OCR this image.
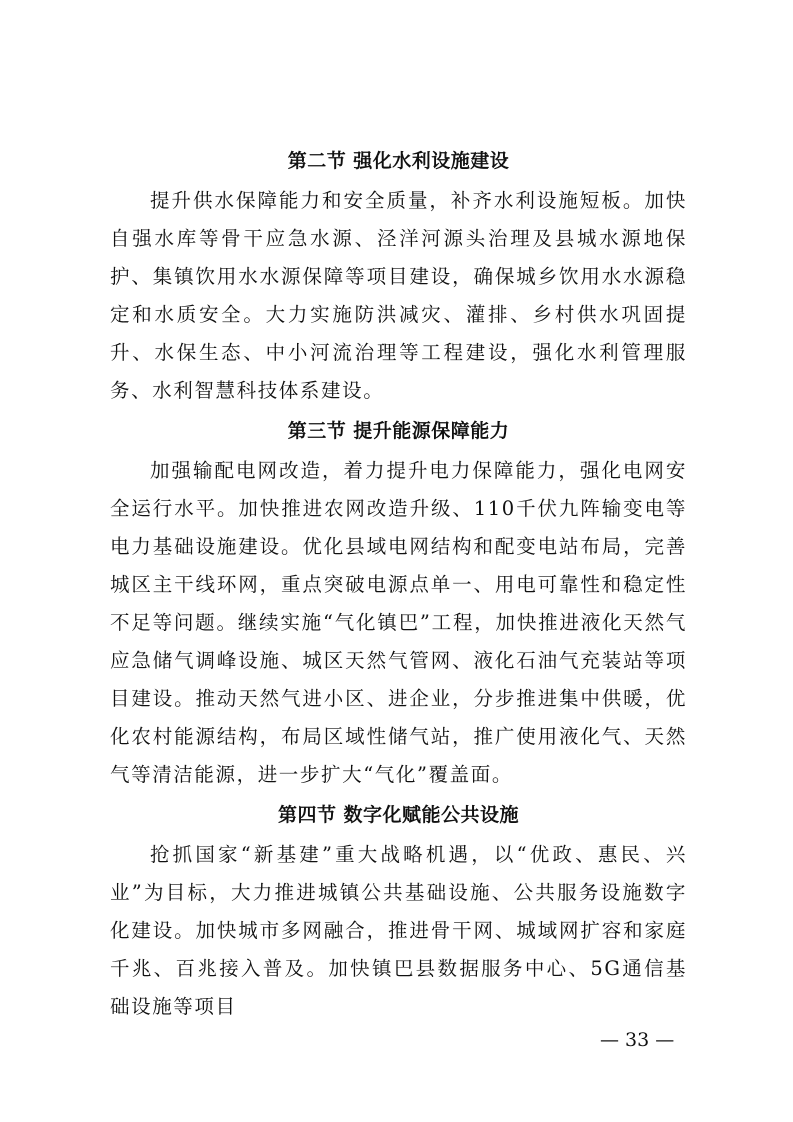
第二节 强化水利设施建设

提升供水保障能力和安全质量，补齐水利设施短板。加快自强水库等骨干应急水源、泾洋河源头治理及县城水源地保护、集镇饮用水水源保障等项目建设，确保城乡饮用水水源稳定和水质安全。大力实施防洪减灾、灌排、乡村供水巩固提升、水保生态、中小河流治理等工程建设，强化水利管理服务、水利智慧科技体系建设。

第三节 提升能源保障能力

加强输配电网改造，着力提升电力保障能力，强化电网安全运行水平。加快推进农网改造升级、110千伏九阵输变电等电力基础设施建设。优化县域电网结构和配变电站布局，完善城区主干线环网，重点突破电源点单一、用电可靠性和稳定性不足等问题。继续实施“气化镇巴”工程，加快推进液化天然气应急储气调峰设施、城区天然气管网、液化石油气充装站等项目建设。推动天然气进小区、进企业，分步推进集中供暖，优化农村能源结构，布局区域性储气站，推广使用液化气、天然气等清洁能源，进一步扩大“气化”覆盖面。

第四节 数字化赋能公共设施

抢抓国家“新基建”重大战略机遇，以“优政、惠民、兴业”为目标，大力推进城镇公共基础设施、公共服务设施数字化建设。加快城市多网融合，推进骨干网、城域网扩容和家庭千兆、百兆接入普及。加快镇巴县数据服务中心、5G通信基础设施等项目

— 33 —
